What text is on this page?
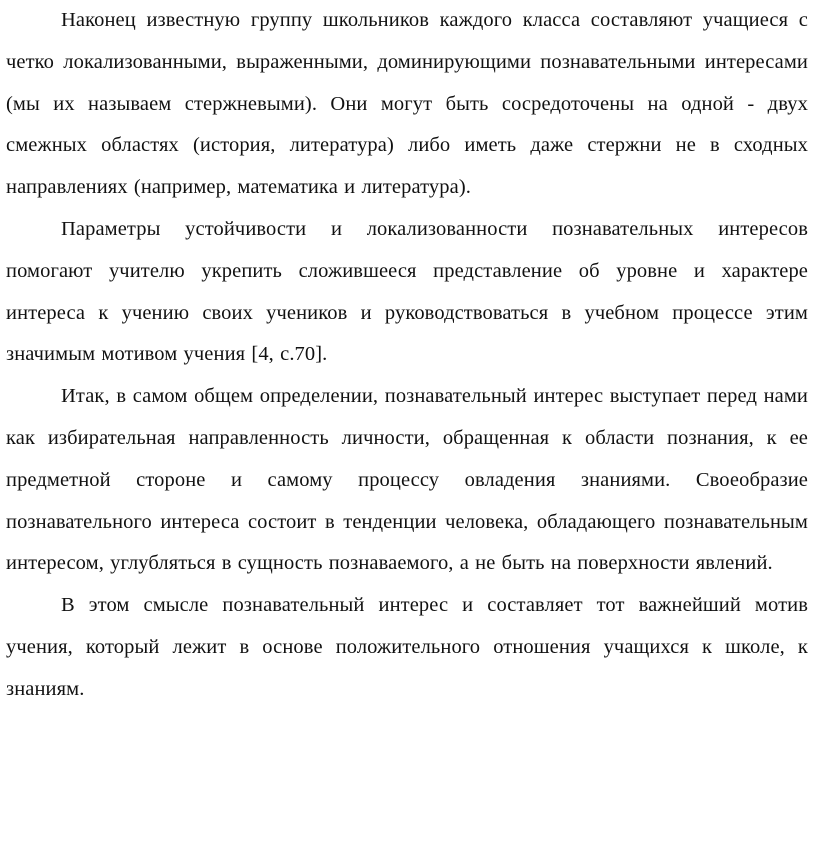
Наконец известную группу школьников каждого класса составляют учащиеся с четко локализованными, выраженными, доминирующими познавательными интересами (мы их называем стержневыми). Они могут быть сосредоточены на одной - двух смежных областях (история, литература) либо иметь даже стержни не в сходных направлениях (например, математика и литература).

Параметры устойчивости и локализованности познавательных интересов помогают учителю укрепить сложившееся представление об уровне и характере интереса к учению своих учеников и руководствоваться в учебном процессе этим значимым мотивом учения [4, с.70].

Итак, в самом общем определении, познавательный интерес выступает перед нами как избирательная направленность личности, обращенная к области познания, к ее предметной стороне и самому процессу овладения знаниями. Своеобразие познавательного интереса состоит в тенденции человека, обладающего познавательным интересом, углубляться в сущность познаваемого, а не быть на поверхности явлений.

В этом смысле познавательный интерес и составляет тот важнейший мотив учения, который лежит в основе положительного отношения учащихся к школе, к знаниям.
